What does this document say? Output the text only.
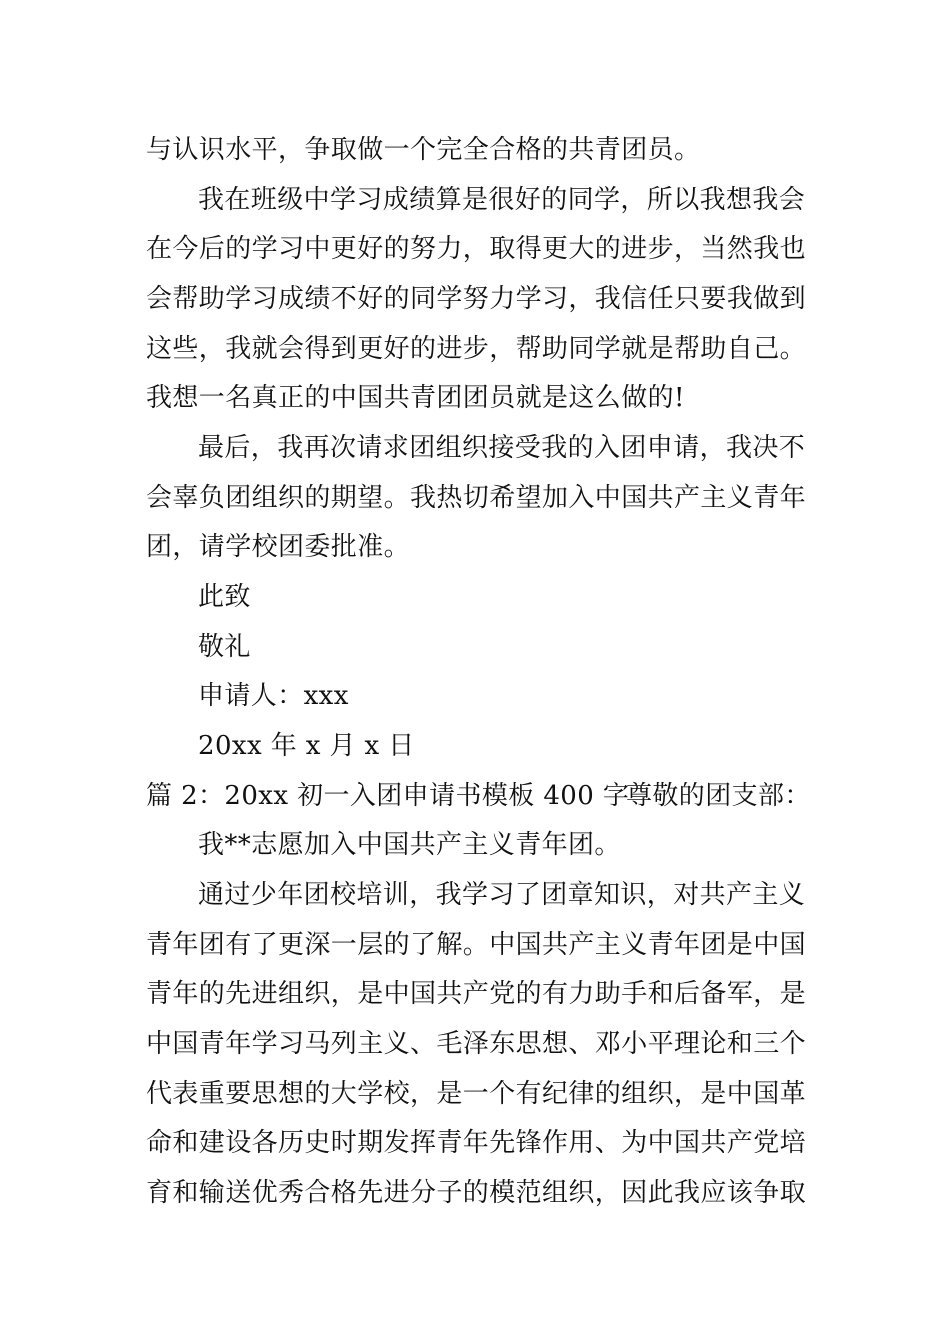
与认识水平，争取做一个完全合格的共青团员。
我在班级中学习成绩算是很好的同学，所以我想我会
在今后的学习中更好的努力，取得更大的进步，当然我也
会帮助学习成绩不好的同学努力学习，我信任只要我做到
这些，我就会得到更好的进步，帮助同学就是帮助自己。
我想一名真正的中国共青团团员就是这么做的!
最后，我再次请求团组织接受我的入团申请，我决不
会辜负团组织的期望。我热切希望加入中国共产主义青年
团，请学校团委批准。
此致
敬礼
申请人：xxx
20xx 年 x 月 x 日
篇 2：20xx 初一入团申请书模板 400 字
尊敬的团支部：
我**志愿加入中国共产主义青年团。
通过少年团校培训，我学习了团章知识，对共产主义
青年团有了更深一层的了解。中国共产主义青年团是中国
青年的先进组织，是中国共产党的有力助手和后备军，是
中国青年学习马列主义、毛泽东思想、邓小平理论和三个
代表重要思想的大学校，是一个有纪律的组织，是中国革
命和建设各历史时期发挥青年先锋作用、为中国共产党培
育和输送优秀合格先进分子的模范组织，因此我应该争取
